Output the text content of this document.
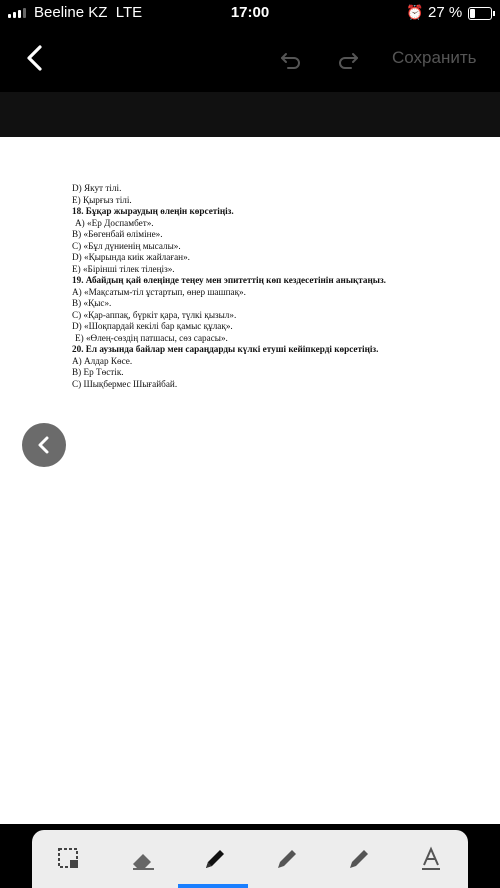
Beeline KZ LTE	17:00	⏰ 27 %
Сохранить
D) Якут тілі.
E) Қырғыз тілі.
18. Бұқар жыраудың өлеңін көрсетіңіз.
A) «Ер Доспамбет».
B) «Бөгенбай өліміне».
C) «Бұл дүниенің мысалы».
D) «Қырында киік жайлаған».
E) «Бірінші тілек тілеңіз».
19. Абайдың қай өлеңінде теңеу мен эпитеттің көп кездесетінін анықтаңыз.
A) «Мақсатым-тіл ұстартып, өнер шашпақ».
B) «Қыс».
C) «Қар-аппақ, бүркіт қара, түлкі қызыл».
D) «Шоқпардай кекілі бар қамыс құлақ».
E) «Өлең-сөздің патшасы, сөз сарасы».
20. Ел аузында байлар мен сараңдарды күлкі етуші кейіпкерді көрсетіңіз.
A) Алдар Көсе.
B) Ер Төстік.
C) Шықбермес Шығайбай.
